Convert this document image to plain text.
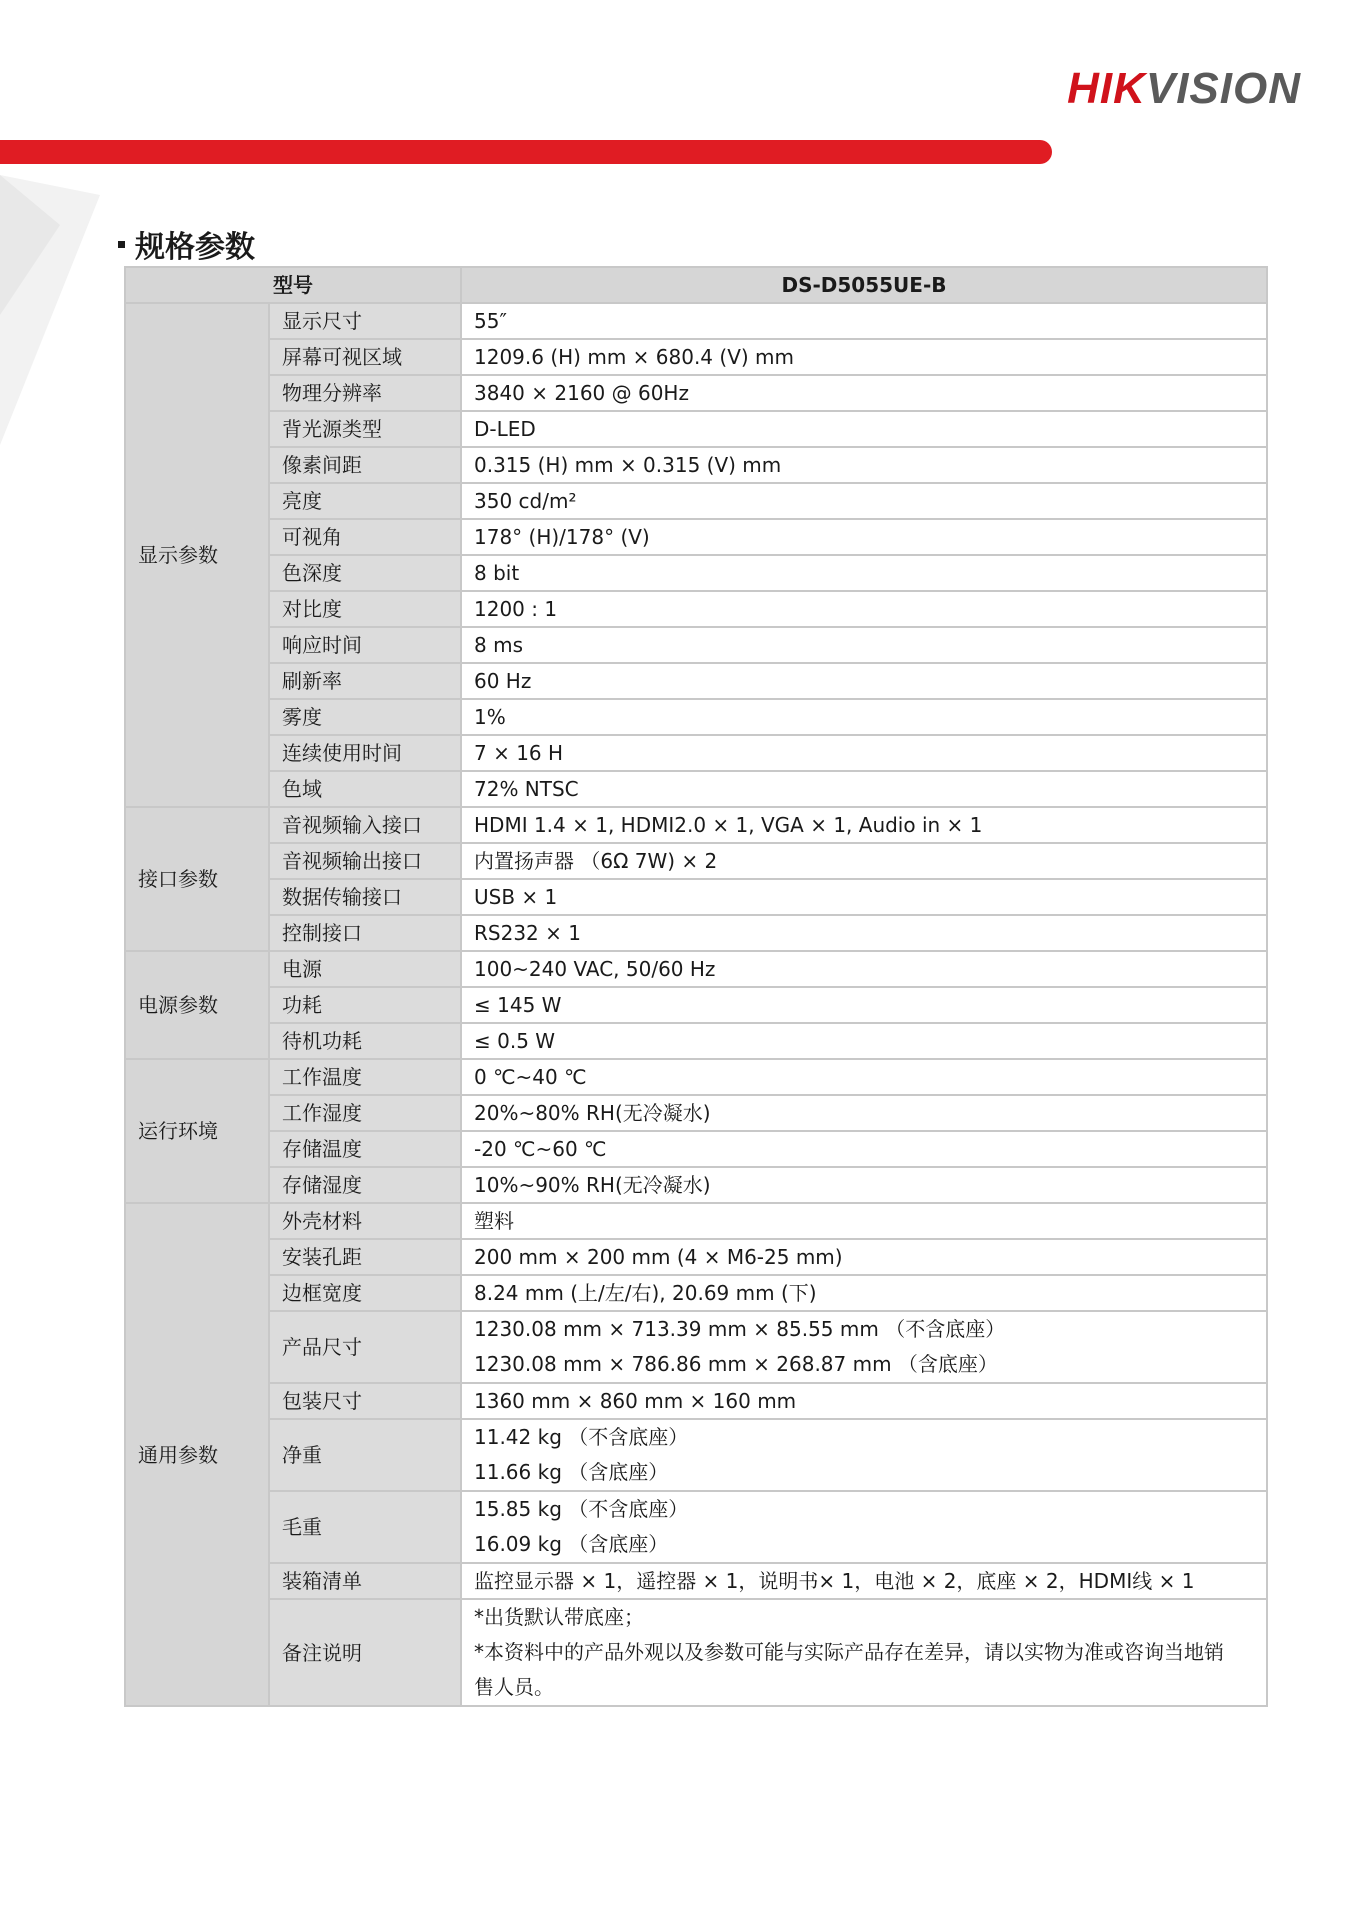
HIKVISION
规格参数
型号		DS-D5055UE-B
显示参数	显示尺寸	55″
	屏幕可视区域	1209.6 (H) mm × 680.4 (V) mm
	物理分辨率	3840 × 2160 @ 60Hz
	背光源类型	D-LED
	像素间距	0.315 (H) mm × 0.315 (V) mm
	亮度	350 cd/m²
	可视角	178° (H)/178° (V)
	色深度	8 bit
	对比度	1200 : 1
	响应时间	8 ms
	刷新率	60 Hz
	雾度	1%
	连续使用时间	7 × 16 H
	色域	72% NTSC
接口参数	音视频输入接口	HDMI 1.4 × 1, HDMI2.0 × 1, VGA × 1, Audio in × 1
	音视频输出接口	内置扬声器 （6Ω 7W) × 2
	数据传输接口	USB × 1
	控制接口	RS232 × 1
电源参数	电源	100~240 VAC, 50/60 Hz
	功耗	≤ 145 W
	待机功耗	≤ 0.5 W
运行环境	工作温度	0 ℃~40 ℃
	工作湿度	20%~80% RH(无冷凝水)
	存储温度	-20 ℃~60 ℃
	存储湿度	10%~90% RH(无冷凝水)
通用参数	外壳材料	塑料
	安装孔距	200 mm × 200 mm (4 × M6-25 mm)
	边框宽度	8.24 mm (上/左/右), 20.69 mm (下)
	产品尺寸	1230.08 mm × 713.39 mm × 85.55 mm （不含底座）
1230.08 mm × 786.86 mm × 268.87 mm （含底座）

	包装尺寸	1360 mm × 860 mm × 160 mm
	净重	11.42 kg （不含底座）
11.66 kg （含底座）

	毛重	15.85 kg （不含底座）
16.09 kg （含底座）

	装箱清单	监控显示器 × 1，遥控器 × 1，说明书× 1，电池 × 2，底座 × 2，HDMI线 × 1
	备注说明	*出货默认带底座；
*本资料中的产品外观以及参数可能与实际产品存在差异，请以实物为准或咨询当地销
售人员。
